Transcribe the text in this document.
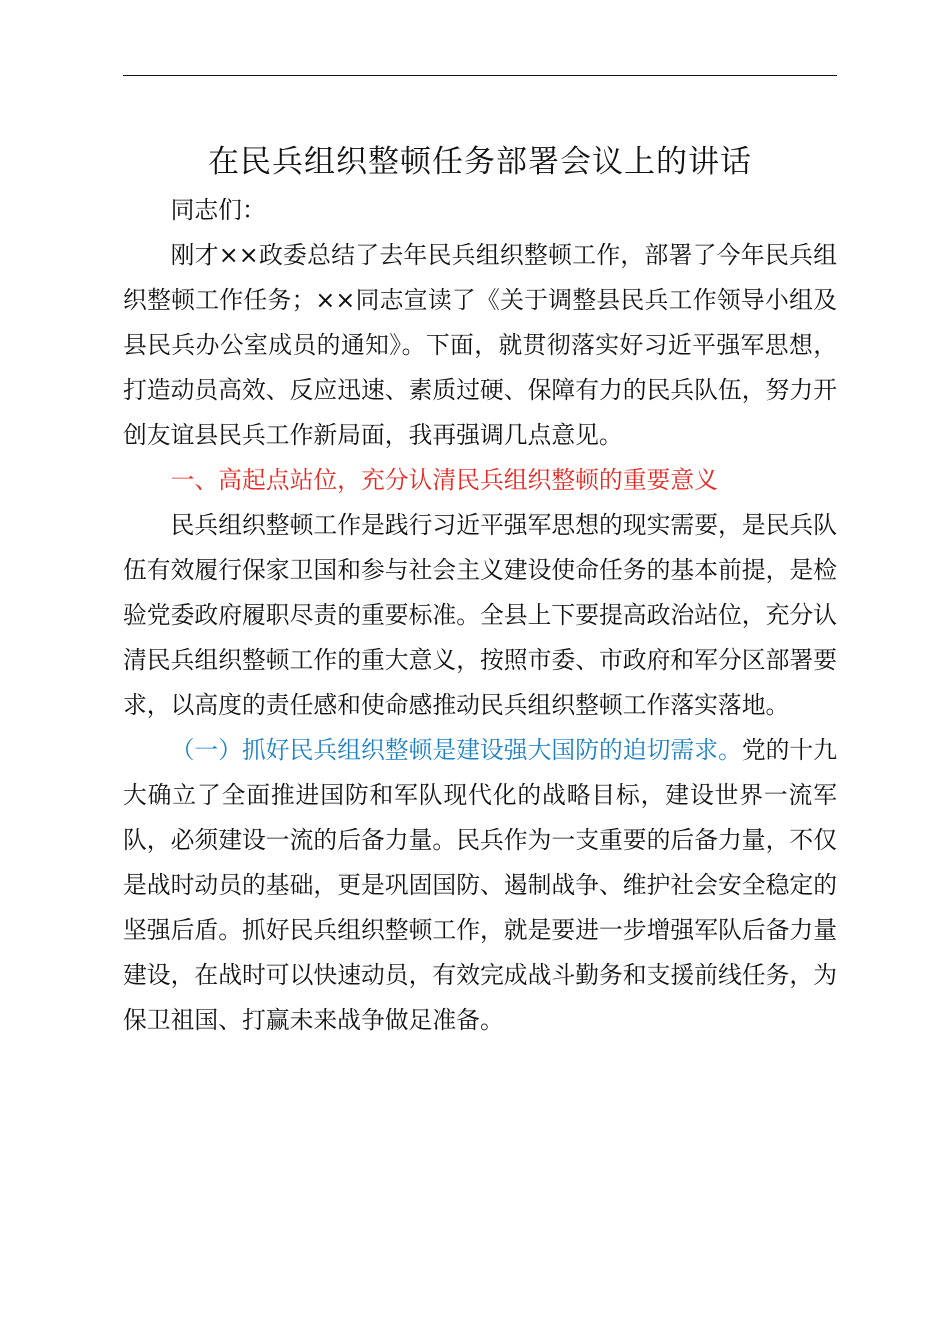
在民兵组织整顿任务部署会议上的讲话

同志们：

刚才××政委总结了去年民兵组织整顿工作，部署了今年民兵组织整顿工作任务；××同志宣读了《关于调整县民兵工作领导小组及县民兵办公室成员的通知》。下面，就贯彻落实好习近平强军思想，打造动员高效、反应迅速、素质过硬、保障有力的民兵队伍，努力开创友谊县民兵工作新局面，我再强调几点意见。

一、高起点站位，充分认清民兵组织整顿的重要意义

民兵组织整顿工作是践行习近平强军思想的现实需要，是民兵队伍有效履行保家卫国和参与社会主义建设使命任务的基本前提，是检验党委政府履职尽责的重要标准。全县上下要提高政治站位，充分认清民兵组织整顿工作的重大意义，按照市委、市政府和军分区部署要求，以高度的责任感和使命感推动民兵组织整顿工作落实落地。

（一）抓好民兵组织整顿是建设强大国防的迫切需求。党的十九大确立了全面推进国防和军队现代化的战略目标，建设世界一流军队，必须建设一流的后备力量。民兵作为一支重要的后备力量，不仅是战时动员的基础，更是巩固国防、遏制战争、维护社会安全稳定的坚强后盾。抓好民兵组织整顿工作，就是要进一步增强军队后备力量建设，在战时可以快速动员，有效完成战斗勤务和支援前线任务，为保卫祖国、打赢未来战争做足准备。
